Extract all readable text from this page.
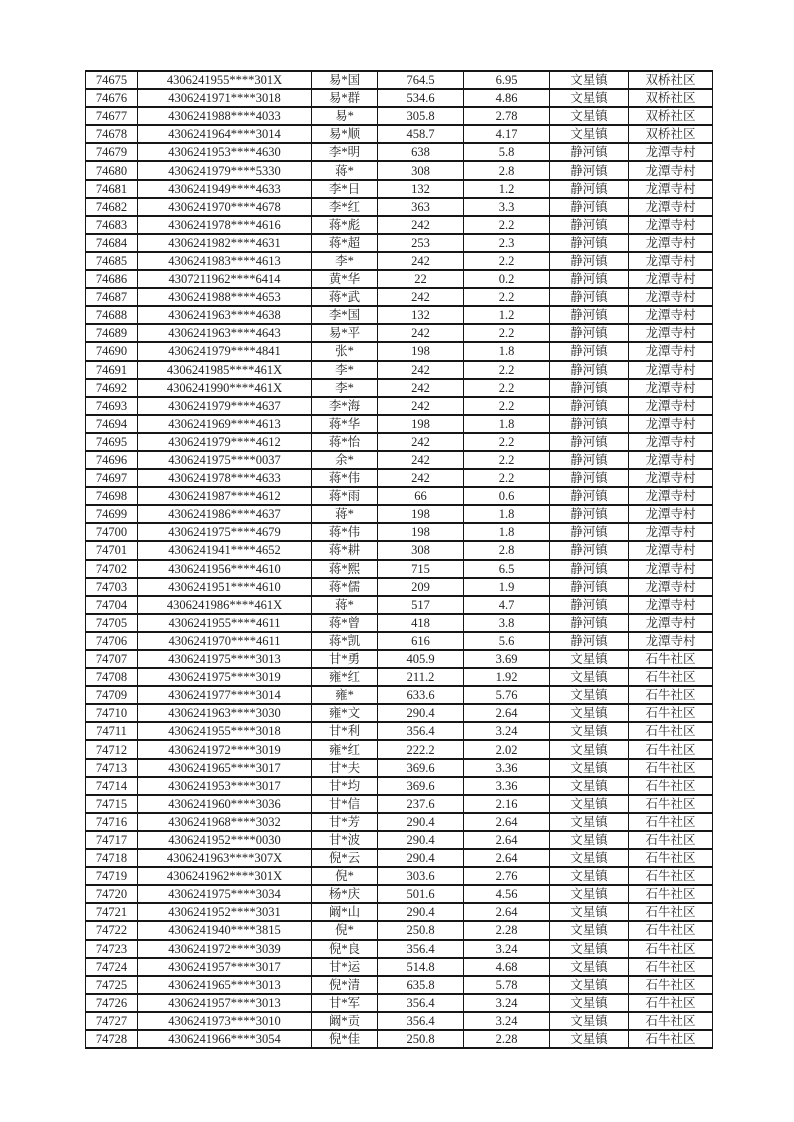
74675	4306241955****301X	易*国	764.5	6.95	文星镇	双桥社区
74676	4306241971****3018	易*群	534.6	4.86	文星镇	双桥社区
74677	4306241988****4033	易*	305.8	2.78	文星镇	双桥社区
74678	4306241964****3014	易*顺	458.7	4.17	文星镇	双桥社区
74679	4306241953****4630	李*明	638	5.8	静河镇	龙潭寺村
74680	4306241979****5330	蒋*	308	2.8	静河镇	龙潭寺村
74681	4306241949****4633	李*日	132	1.2	静河镇	龙潭寺村
74682	4306241970****4678	李*红	363	3.3	静河镇	龙潭寺村
74683	4306241978****4616	蒋*彪	242	2.2	静河镇	龙潭寺村
74684	4306241982****4631	蒋*超	253	2.3	静河镇	龙潭寺村
74685	4306241983****4613	李*	242	2.2	静河镇	龙潭寺村
74686	4307211962****6414	黄*华	22	0.2	静河镇	龙潭寺村
74687	4306241988****4653	蒋*武	242	2.2	静河镇	龙潭寺村
74688	4306241963****4638	李*国	132	1.2	静河镇	龙潭寺村
74689	4306241963****4643	易*平	242	2.2	静河镇	龙潭寺村
74690	4306241979****4841	张*	198	1.8	静河镇	龙潭寺村
74691	4306241985****461X	李*	242	2.2	静河镇	龙潭寺村
74692	4306241990****461X	李*	242	2.2	静河镇	龙潭寺村
74693	4306241979****4637	李*海	242	2.2	静河镇	龙潭寺村
74694	4306241969****4613	蒋*华	198	1.8	静河镇	龙潭寺村
74695	4306241979****4612	蒋*怡	242	2.2	静河镇	龙潭寺村
74696	4306241975****0037	余*	242	2.2	静河镇	龙潭寺村
74697	4306241978****4633	蒋*伟	242	2.2	静河镇	龙潭寺村
74698	4306241987****4612	蒋*雨	66	0.6	静河镇	龙潭寺村
74699	4306241986****4637	蒋*	198	1.8	静河镇	龙潭寺村
74700	4306241975****4679	蒋*伟	198	1.8	静河镇	龙潭寺村
74701	4306241941****4652	蒋*耕	308	2.8	静河镇	龙潭寺村
74702	4306241956****4610	蒋*熙	715	6.5	静河镇	龙潭寺村
74703	4306241951****4610	蒋*儒	209	1.9	静河镇	龙潭寺村
74704	4306241986****461X	蒋*	517	4.7	静河镇	龙潭寺村
74705	4306241955****4611	蒋*曾	418	3.8	静河镇	龙潭寺村
74706	4306241970****4611	蒋*凯	616	5.6	静河镇	龙潭寺村
74707	4306241975****3013	甘*勇	405.9	3.69	文星镇	石牛社区
74708	4306241975****3019	雍*红	211.2	1.92	文星镇	石牛社区
74709	4306241977****3014	雍*	633.6	5.76	文星镇	石牛社区
74710	4306241963****3030	雍*文	290.4	2.64	文星镇	石牛社区
74711	4306241955****3018	甘*利	356.4	3.24	文星镇	石牛社区
74712	4306241972****3019	雍*红	222.2	2.02	文星镇	石牛社区
74713	4306241965****3017	甘*夫	369.6	3.36	文星镇	石牛社区
74714	4306241953****3017	甘*均	369.6	3.36	文星镇	石牛社区
74715	4306241960****3036	甘*信	237.6	2.16	文星镇	石牛社区
74716	4306241968****3032	甘*芳	290.4	2.64	文星镇	石牛社区
74717	4306241952****0030	甘*波	290.4	2.64	文星镇	石牛社区
74718	4306241963****307X	倪*云	290.4	2.64	文星镇	石牛社区
74719	4306241962****301X	倪*	303.6	2.76	文星镇	石牛社区
74720	4306241975****3034	杨*庆	501.6	4.56	文星镇	石牛社区
74721	4306241952****3031	阚*山	290.4	2.64	文星镇	石牛社区
74722	4306241940****3815	倪*	250.8	2.28	文星镇	石牛社区
74723	4306241972****3039	倪*良	356.4	3.24	文星镇	石牛社区
74724	4306241957****3017	甘*运	514.8	4.68	文星镇	石牛社区
74725	4306241965****3013	倪*清	635.8	5.78	文星镇	石牛社区
74726	4306241957****3013	甘*军	356.4	3.24	文星镇	石牛社区
74727	4306241973****3010	阚*贡	356.4	3.24	文星镇	石牛社区
74728	4306241966****3054	倪*佳	250.8	2.28	文星镇	石牛社区
